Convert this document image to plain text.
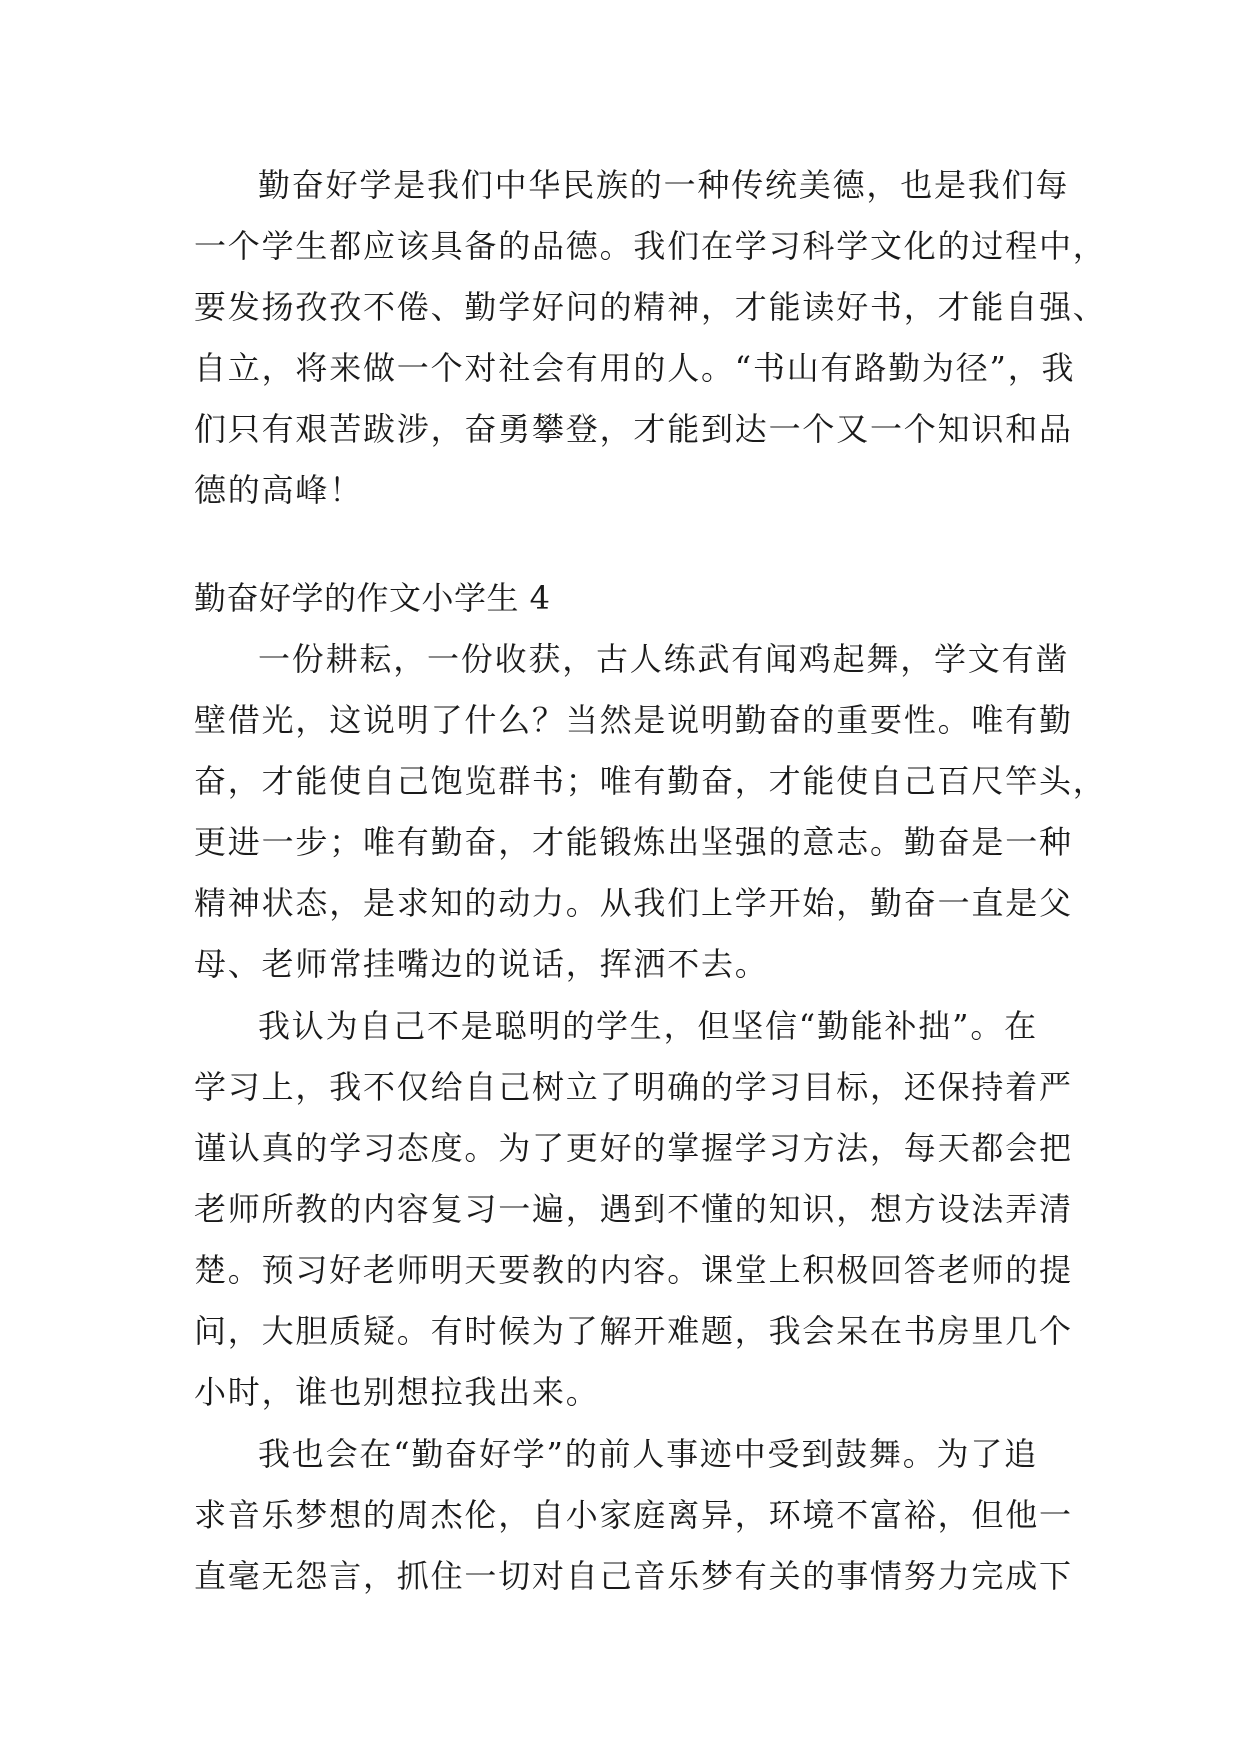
勤奋好学是我们中华民族的一种传统美德，也是我们每
一个学生都应该具备的品德。我们在学习科学文化的过程中，
要发扬孜孜不倦、勤学好问的精神，才能读好书，才能自强、
自立，将来做一个对社会有用的人。“书山有路勤为径”，我
们只有艰苦跋涉，奋勇攀登，才能到达一个又一个知识和品
德的高峰！
勤奋好学的作文小学生 4
一份耕耘，一份收获，古人练武有闻鸡起舞，学文有凿
壁借光，这说明了什么？当然是说明勤奋的重要性。唯有勤
奋，才能使自己饱览群书；唯有勤奋，才能使自己百尺竿头，
更进一步；唯有勤奋，才能锻炼出坚强的意志。勤奋是一种
精神状态，是求知的动力。从我们上学开始，勤奋一直是父
母、老师常挂嘴边的说话，挥洒不去。
我认为自己不是聪明的学生，但坚信“勤能补拙”。在
学习上，我不仅给自己树立了明确的学习目标，还保持着严
谨认真的学习态度。为了更好的掌握学习方法，每天都会把
老师所教的内容复习一遍，遇到不懂的知识，想方设法弄清
楚。预习好老师明天要教的内容。课堂上积极回答老师的提
问，大胆质疑。有时候为了解开难题，我会呆在书房里几个
小时，谁也别想拉我出来。
我也会在“勤奋好学”的前人事迹中受到鼓舞。为了追
求音乐梦想的周杰伦，自小家庭离异，环境不富裕，但他一
直毫无怨言，抓住一切对自己音乐梦有关的事情努力完成下
